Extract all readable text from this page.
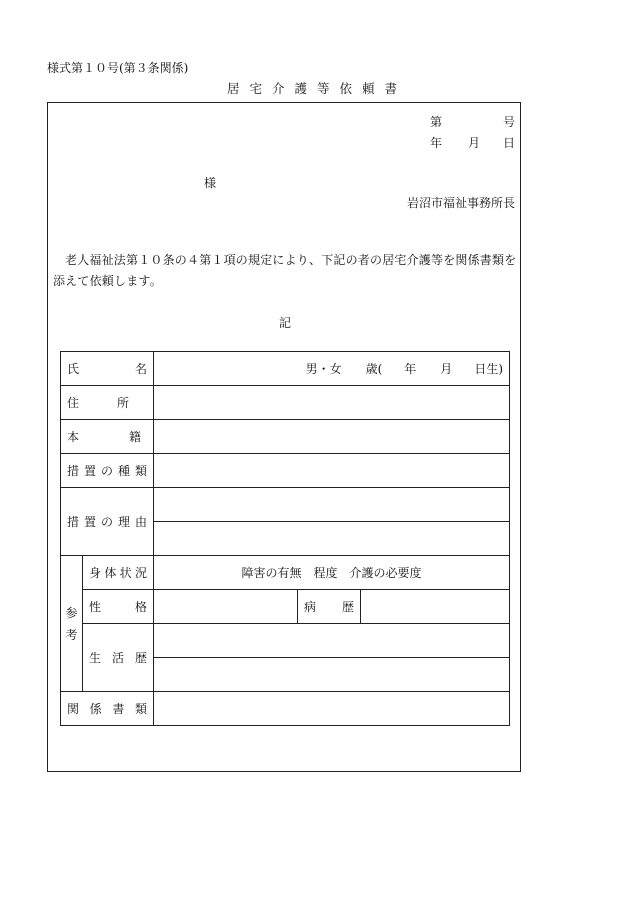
様式第１０号(第３条関係)
居宅介護等依頼書
第	号
年 月 日
様
岩沼市福祉事務所長
老人福祉法第１０条の４第１項の規定により、下記の者の居宅介護等を関係書類を添えて依頼します。
記
氏 名		男・女 歳( 年 月 日生)		

住 所				

本 籍				

措 置 の 種 類				

措 置 の 理 由				

参
考	身 体 状 況	障害の有無　程度　介護の必要度		

	性 格		病 歴	

	生 活 歴			

関 係 書 類				
